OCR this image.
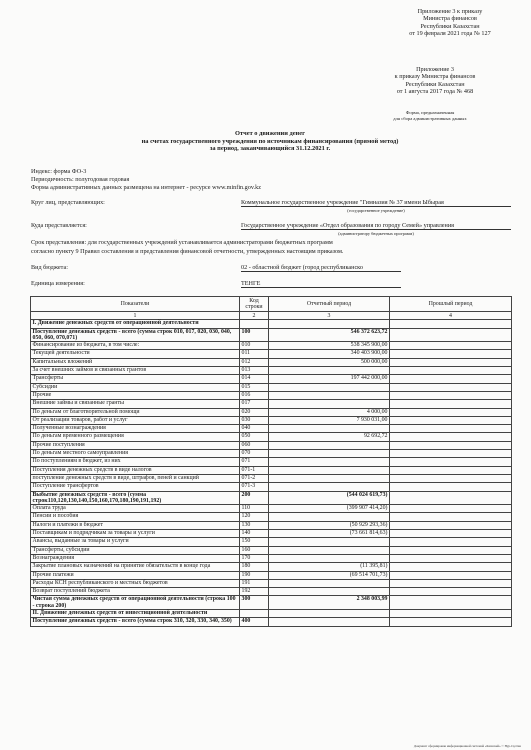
Приложение 3 к приказу
Министра финансов
Республики Казахстан
от 19 февраля 2021 года № 127
Приложение 3
к приказу Министра финансов
Республики Казахстан
от 1 августа 2017 года № 468
Форма, предназначенная
для сбора административных данных
Отчет о движении денег
на счетах государственного учреждения по источникам финансирования (прямой метод)
за период, заканчивающийся 31.12.2021 г.
Индекс: форма ФО-3
Периодичность: полугодовая годовая
Форма административных данных размещена на интернет - ресурсе www.minfin.gov.kz
Круг лиц, представляющих:	Коммунальное государственное учреждение "Гимназия № 37 имени Ыбырая
(государственное учреждение)
Куда представляется:	Государственное учреждение «Отдел образования по городу Семей» управления
(администратору бюджетных программ)
Срок представления: для государственных учреждений устанавливается администраторами бюджетных программ
согласно пункту 9 Правил составления и представления финансовой отчетности, утвержденных настоящим приказом.
Вид бюджета:	02 - областной бюджет (город республиканско
Единица измерения:	ТЕНГЕ
Показатели	Код строки	Отчетный период	Прошлый период
1	2	3	4
I. Движение денежных средств от операционной деятельности			
Поступление денежных средств - всего (сумма строк 010, 017, 020, 030, 040, 050, 060, 070,071)	100	546 372 623,72	
Финансирование из бюджета, в том числе:	010	538 345 900,00	
Текущей деятельности	011	340 403 900,00	
Капитальных вложений	012	500 000,00	
За счет внешних займов и связанных грантов	013		
Трансферты	014	197 442 000,00	
Субсидии	015		
Прочие	016		
Внешние займы и связанные гранты	017		
По деньгам от благотворительной помощи	020	4 000,00	
От реализации товаров, работ и услуг	030	7 930 031,00	
Полученные вознаграждения	040		
По деньгам временного размещения	050	92 692,72	
Прочие поступления	060		
По деньгам местного самоуправления	070		
По поступлениям в бюджет, из них	071		
Поступления денежных средств в виде налогов	071-1		
поступление денежных средств в виде, штрафов, пеней и санкций	071-2		
Поступление трансфертов	071-3		
Выбытие денежных средств - всего (сумма строк110,120,130,140,150,160,170,180,190,191,192)	200	(544 024 619,73)	
Оплата труда	110	(399 907 414,20)	
Пенсии и пособия	120		
Налоги и платежи в бюджет	130	(50 929 293,36)	
Поставщикам и подрядчикам за товары и услуги	140	(73 661 814,63)	
Авансы, выданные за товары и услуги	150		
Трансферты, субсидии	160		
Вознаграждения	170		
Закрытие плановых назначений на принятие обязательств в конце года	180	(11 395,81)	
Прочие платежи	190	(69 514 701,73)	
Расходы КСН республиканского и местных бюджетов	191		
Возврат поступлений бюджета	192		
Чистая сумма денежных средств от операционной деятельности (строка 100 - строка 200)	300	2 348 003,99	
II. Движение денежных средств от инвестиционной деятельности			
Поступление денежных средств - всего (сумма строк 310, 320, 330, 340, 350)	400		
Документ сформирован информационной системой «Казначей» © Нур-Сұлтан
